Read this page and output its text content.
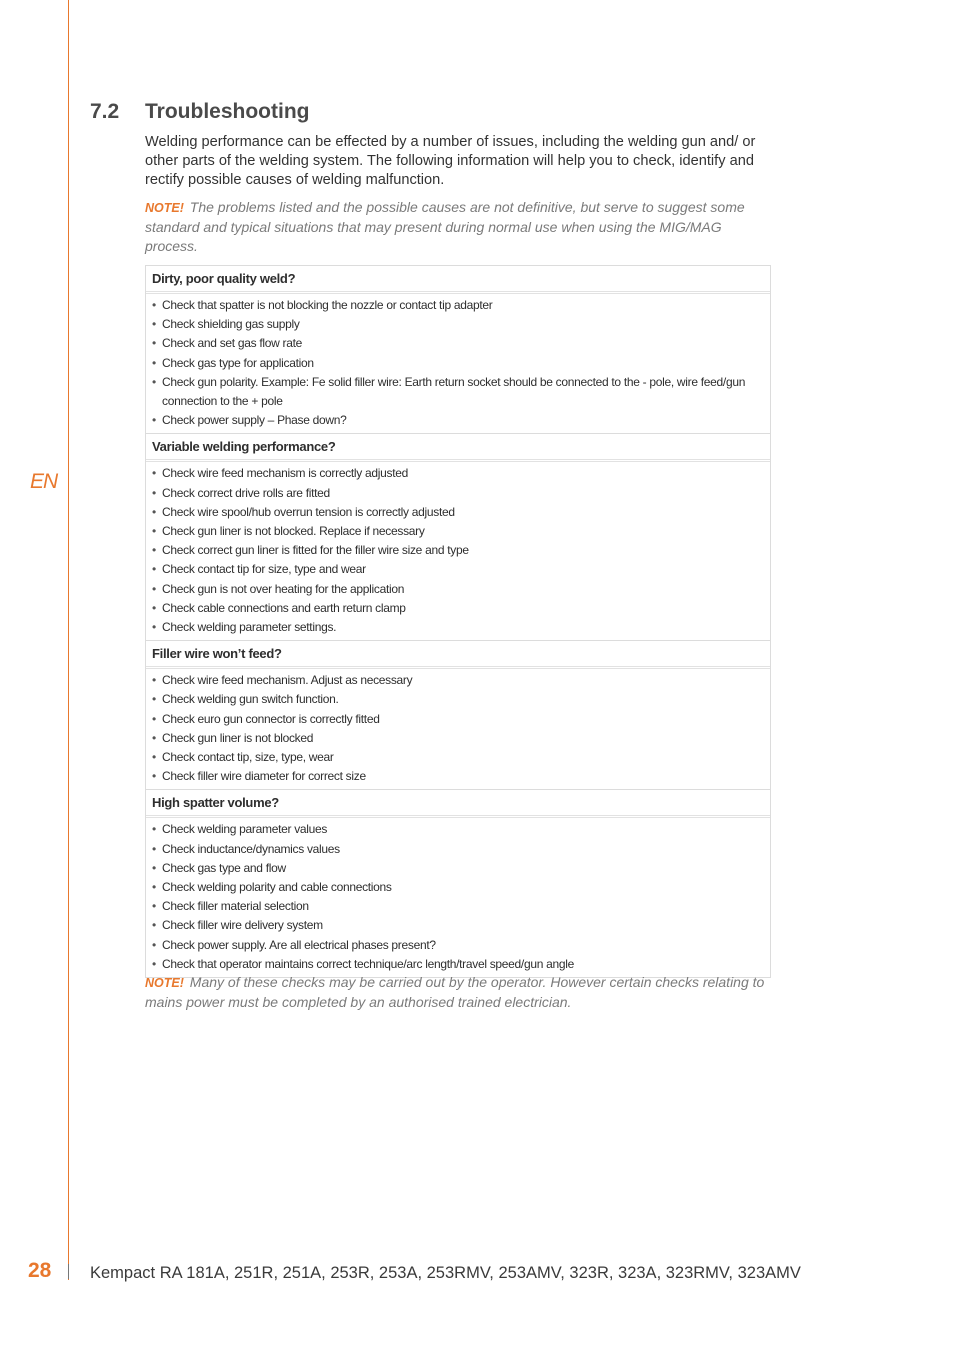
EN
7.2 Troubleshooting

Welding performance can be effected by a number of issues, including the welding gun and/ or other parts of the welding system. The following information will help you to check, identify and rectify possible causes of welding malfunction.

NOTE! The problems listed and the possible causes are not definitive, but serve to suggest some standard and typical situations that may present during normal use when using the MIG/MAG process.

Dirty, poor quality weld?
• Check that spatter is not blocking the nozzle or contact tip adapter
• Check shielding gas supply
• Check and set gas flow rate
• Check gas type for application
• Check gun polarity. Example: Fe solid filler wire: Earth return socket should be connected to the - pole, wire feed/gun connection to the + pole
• Check power supply – Phase down?
Variable welding performance?
• Check wire feed mechanism is correctly adjusted
• Check correct drive rolls are fitted
• Check wire spool/hub overrun tension is correctly adjusted
• Check gun liner is not blocked. Replace if necessary
• Check correct gun liner is fitted for the filler wire size and type
• Check contact tip for size, type and wear
• Check gun is not over heating for the application
• Check cable connections and earth return clamp
• Check welding parameter settings.
Filler wire won’t feed?
• Check wire feed mechanism. Adjust as necessary
• Check welding gun switch function.
• Check euro gun connector is correctly fitted
• Check gun liner is not blocked
• Check contact tip, size, type, wear
• Check filler wire diameter for correct size
High spatter volume?
• Check welding parameter values
• Check inductance/dynamics values
• Check gas type and flow
• Check welding polarity and cable connections
• Check filler material selection
• Check filler wire delivery system
• Check power supply. Are all electrical phases present?
• Check that operator maintains correct technique/arc length/travel speed/gun angle

NOTE! Many of these checks may be carried out by the operator. However certain checks relating to mains power must be completed by an authorised trained electrician.

28 Kempact RA 181A, 251R, 251A, 253R, 253A, 253RMV, 253AMV, 323R, 323A, 323RMV, 323AMV
